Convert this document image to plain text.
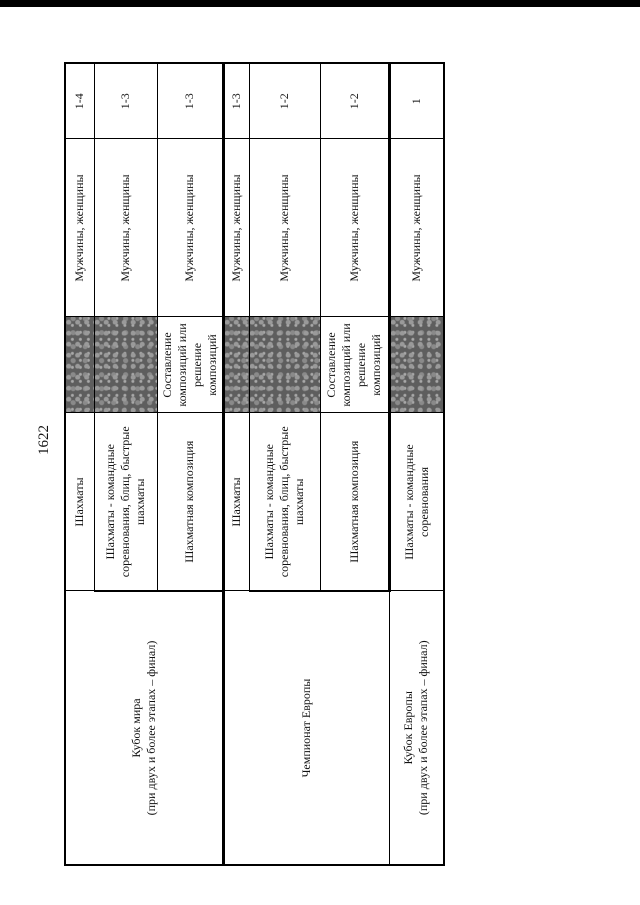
1622
Кубок мира (при двух и более этапах – финал)	Шахматы		Мужчины, женщины	1-4
	Шахматы - командные соревнования, блиц, быстрые шахматы		Мужчины, женщины	1-3
	Шахматная композиция	Составление композиций или решение композиций	Мужчины, женщины	1-3

Чемпионат Европы	Шахматы		Мужчины, женщины	1-3
	Шахматы - командные соревнования, блиц, быстрые шахматы		Мужчины, женщины	1-2
	Шахматная композиция	Составление композиций или решение композиций	Мужчины, женщины	1-2

Кубок Европы (при двух и более этапах – финал)	Шахматы - командные соревнования		Мужчины, женщины	1
